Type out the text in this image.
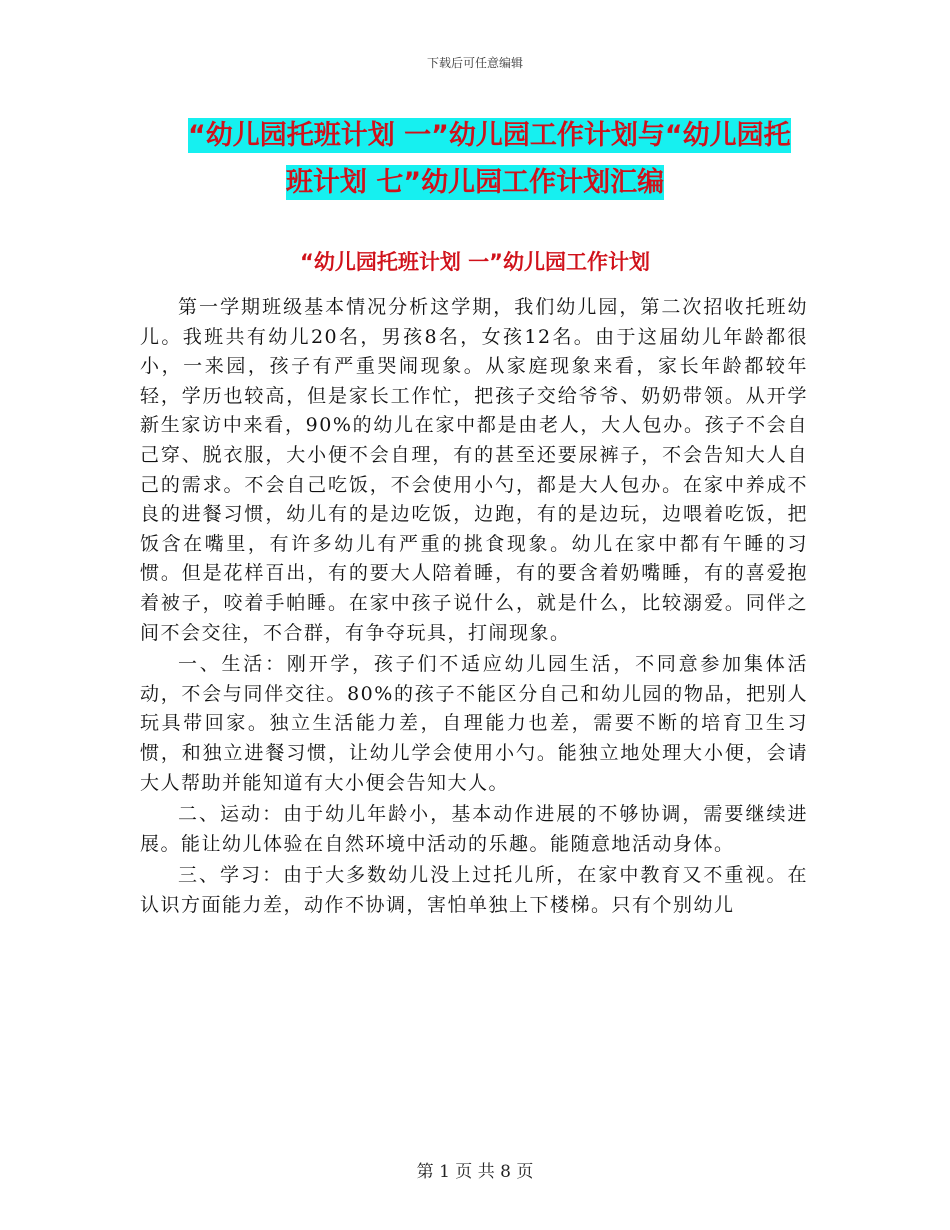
下载后可任意编辑
“幼儿园托班计划 一”幼儿园工作计划与“幼儿园托
班计划 七”幼儿园工作计划汇编
“幼儿园托班计划 一”幼儿园工作计划

第一学期班级基本情况分析这学期，我们幼儿园，第二次招收托班幼儿。我班共有幼儿20名，男孩8名，女孩12名。由于这届幼儿年龄都很小，一来园，孩子有严重哭闹现象。从家庭现象来看，家长年龄都较年轻，学历也较高，但是家长工作忙，把孩子交给爷爷、奶奶带领。从开学新生家访中来看，90%的幼儿在家中都是由老人，大人包办。孩子不会自己穿、脱衣服，大小便不会自理，有的甚至还要尿裤子，不会告知大人自己的需求。不会自己吃饭，不会使用小勺，都是大人包办。在家中养成不良的进餐习惯，幼儿有的是边吃饭，边跑，有的是边玩，边喂着吃饭，把饭含在嘴里，有许多幼儿有严重的挑食现象。幼儿在家中都有午睡的习惯。但是花样百出，有的要大人陪着睡，有的要含着奶嘴睡，有的喜爱抱着被子，咬着手帕睡。在家中孩子说什么，就是什么，比较溺爱。同伴之间不会交往，不合群，有争夺玩具，打闹现象。

一、生活：刚开学，孩子们不适应幼儿园生活，不同意参加集体活动，不会与同伴交往。80%的孩子不能区分自己和幼儿园的物品，把别人玩具带回家。独立生活能力差，自理能力也差，需要不断的培育卫生习惯，和独立进餐习惯，让幼儿学会使用小勺。能独立地处理大小便，会请大人帮助并能知道有大小便会告知大人。

二、运动：由于幼儿年龄小，基本动作进展的不够协调，需要继续进展。能让幼儿体验在自然环境中活动的乐趣。能随意地活动身体。

三、学习：由于大多数幼儿没上过托儿所，在家中教育又不重视。在认识方面能力差，动作不协调，害怕单独上下楼梯。只有个别幼儿

第 1 页 共 8 页
